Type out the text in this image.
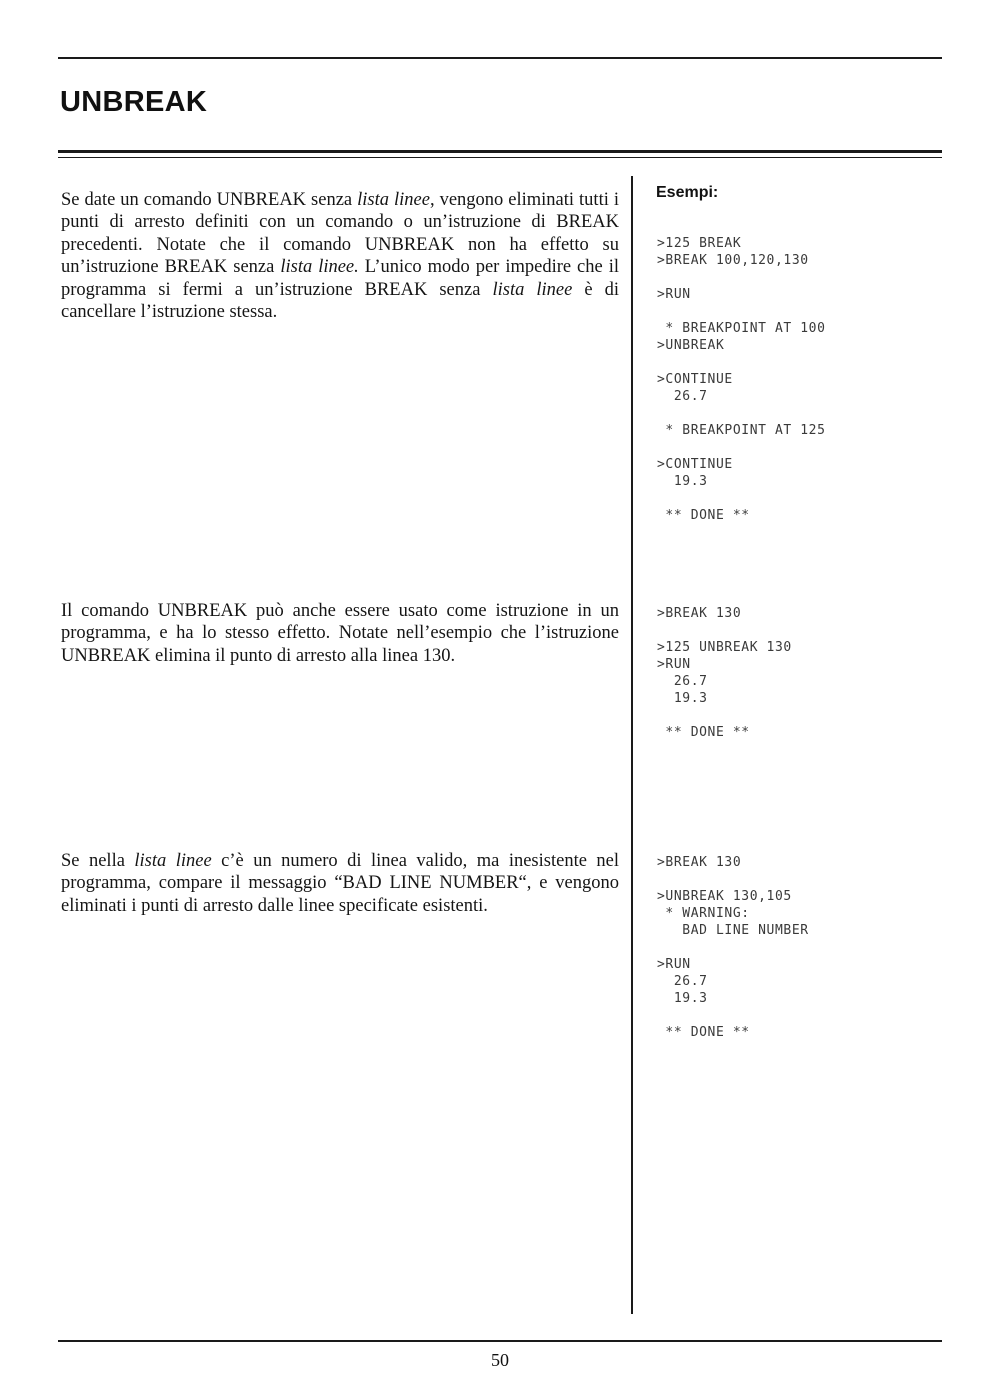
UNBREAK

Se date un comando UNBREAK senza lista linee, vengono eliminati tutti i punti di arresto definiti con un comando o un’istruzione di BREAK precedenti. Notate che il comando UNBREAK non ha effetto su un’istruzione BREAK senza lista linee. L’unico modo per impedire che il programma si fermi a un’istruzione BREAK senza lista linee è di cancellare l’istruzione stessa.

Il comando UNBREAK può anche essere usato come istruzione in un programma, e ha lo stesso effetto. Notate nell’esempio che l’istruzione UNBREAK elimina il punto di arresto alla linea 130.

Se nella lista linee c’è un numero di linea valido, ma inesistente nel programma, compare il messaggio “BAD LINE NUMBER“, e vengono eliminati i punti di arresto dalle linee specificate esistenti.

Esempi:
>125 BREAK
>BREAK 100,120,130
>RUN
* BREAKPOINT AT 100
>UNBREAK
>CONTINUE
26.7
* BREAKPOINT AT 125
>CONTINUE
19.3
** DONE **
>BREAK 130
>125 UNBREAK 130
>RUN
26.7
19.3
** DONE **
>BREAK 130
>UNBREAK 130,105
* WARNING:
BAD LINE NUMBER
>RUN
26.7
19.3
** DONE **
50
